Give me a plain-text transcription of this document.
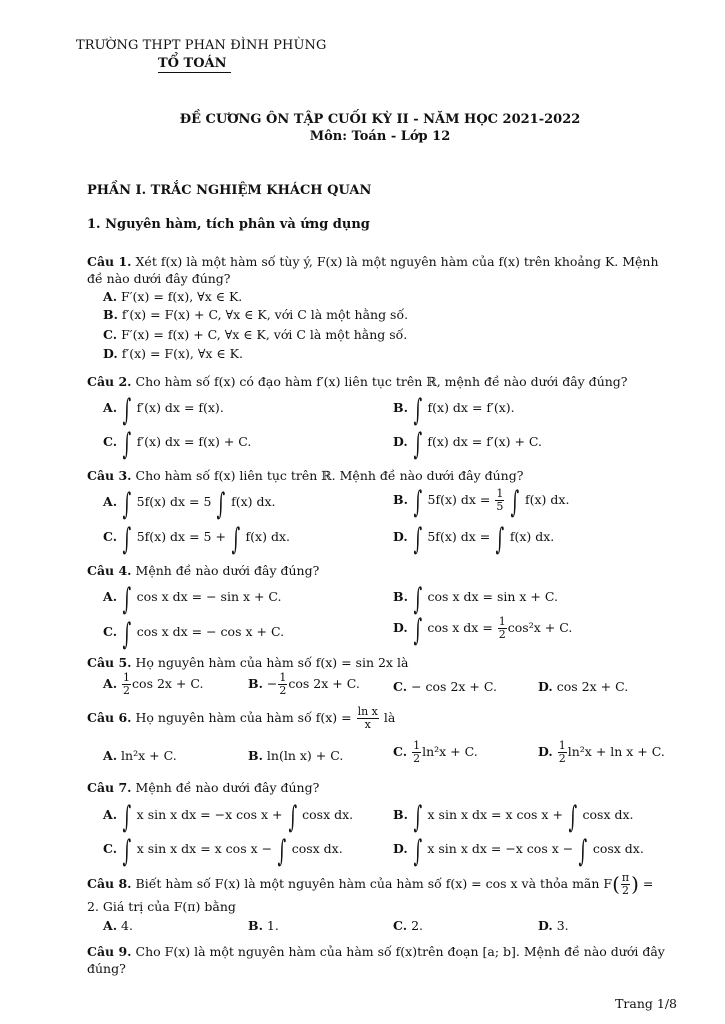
TRƯỜNG THPT PHAN ĐÌNH PHÙNG
TỔ TOÁN
ĐỀ CƯƠNG ÔN TẬP CUỐI KỲ II - NĂM HỌC 2021-2022
Môn: Toán - Lớp 12
PHẦN I. TRẮC NGHIỆM KHÁCH QUAN
1. Nguyên hàm, tích phân và ứng dụng
Câu 1. Xét f(x) là một hàm số tùy ý, F(x) là một nguyên hàm của f(x) trên khoảng K. Mệnh đề nào dưới đây đúng?
A. F′(x) = f(x), ∀x ∈ K.
B. f′(x) = F(x) + C, ∀x ∈ K, với C là một hằng số.
C. F′(x) = f(x) + C, ∀x ∈ K, với C là một hằng số.
D. f′(x) = F(x), ∀x ∈ K.
Câu 2. Cho hàm số f(x) có đạo hàm f′(x) liên tục trên ℝ, mệnh đề nào dưới đây đúng?
A. ∫ f′(x) dx = f(x).	B. ∫ f(x) dx = f′(x).
C. ∫ f′(x) dx = f(x) + C.	D. ∫ f(x) dx = f′(x) + C.
Câu 3. Cho hàm số f(x) liên tục trên ℝ. Mệnh đề nào dưới đây đúng?
A. ∫ 5f(x) dx = 5 ∫ f(x) dx.	B. ∫ 5f(x) dx = $\frac{1}{5}$ ∫ f(x) dx.
C. ∫ 5f(x) dx = 5 + ∫ f(x) dx.	D. ∫ 5f(x) dx = ∫ f(x) dx.
Câu 4. Mệnh đề nào dưới đây đúng?
A. ∫ cos x dx = − sin x + C.	B. ∫ cos x dx = sin x + C.
C. ∫ cos x dx = − cos x + C.	D. ∫ cos x dx = $\frac{1}{2} \cos^2x + C$.
Câu 5. Họ nguyên hàm của hàm số f(x) = sin 2x là
A. $\frac{1}{2}$ cos 2x + C.	B. − $\frac{1}{2}$ cos 2x + C.	C. − cos 2x + C.	D. cos 2x + C.
Câu 6. Họ nguyên hàm của hàm số $f(x) = \frac{\text{ln x}}{x}$ là
A. ln²x + C.	B. ln(ln x) + C.	C. $\frac{1}{2} \ln^2x + C$.	D. $\frac{1}{2} \ln^2x + \ln x + C$.
Câu 7. Mệnh đề nào dưới đây đúng?
A. ∫ x sin x dx = −x cos x + ∫ cosx dx.	B. ∫ x sin x dx = x cos x + ∫ cosx dx.
C. ∫ x sin x dx = x cos x − ∫ cosx dx.	D. ∫ x sin x dx = −x cos x − ∫ cosx dx.
Câu 8. Biết hàm số F(x) là một nguyên hàm của hàm số f(x) = cos x và thỏa mãn $F( \frac{\pi}{2}$ ) =
2. Giá trị của F(π) bằng
A. 4.	B. 1.	C. 2.	D. 3.
Câu 9. Cho F(x) là một nguyên hàm của hàm số f(x)trên đoạn [a; b]. Mệnh đề nào dưới đây đúng?
Trang 1/8
